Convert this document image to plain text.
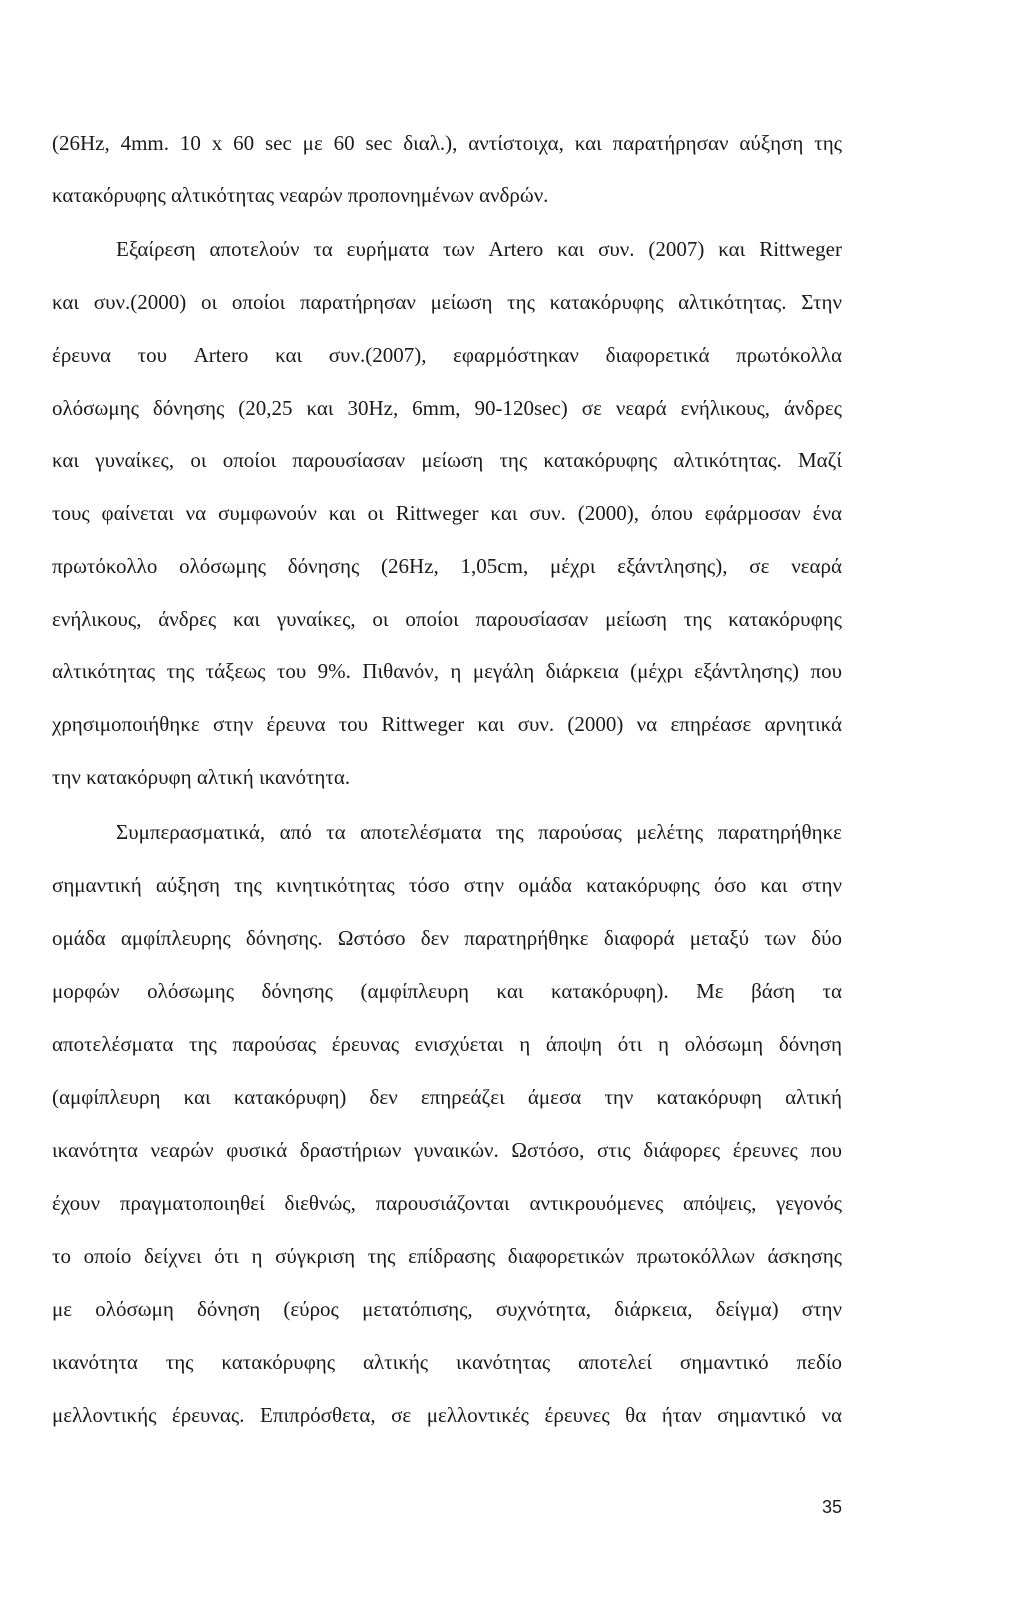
(26Hz, 4mm. 10 x 60 sec με 60 sec διαλ.), αντίστοιχα, και παρατήρησαν αύξηση της
κατακόρυφης αλτικότητας νεαρών προπονημένων ανδρών.
Εξαίρεση αποτελούν τα ευρήματα των Artero και συν. (2007) και Rittweger
και συν.(2000) οι οποίοι παρατήρησαν μείωση της κατακόρυφης αλτικότητας. Στην
έρευνα του Artero και συν.(2007), εφαρμόστηκαν διαφορετικά πρωτόκολλα
ολόσωμης δόνησης (20,25 και 30Hz, 6mm, 90-120sec) σε νεαρά ενήλικους, άνδρες
και γυναίκες, οι οποίοι παρουσίασαν μείωση της κατακόρυφης αλτικότητας. Μαζί
τους φαίνεται να συμφωνούν και οι Rittweger και συν. (2000), όπου εφάρμοσαν ένα
πρωτόκολλο ολόσωμης δόνησης (26Hz, 1,05cm, μέχρι εξάντλησης), σε νεαρά
ενήλικους, άνδρες και γυναίκες, οι οποίοι παρουσίασαν μείωση της κατακόρυφης
αλτικότητας της τάξεως του 9%. Πιθανόν, η μεγάλη διάρκεια (μέχρι εξάντλησης) που
χρησιμοποιήθηκε στην έρευνα του Rittweger και συν. (2000) να επηρέασε αρνητικά
την κατακόρυφη αλτική ικανότητα.
Συμπερασματικά, από τα αποτελέσματα της παρούσας μελέτης παρατηρήθηκε
σημαντική αύξηση της κινητικότητας τόσο στην ομάδα κατακόρυφης όσο και στην
ομάδα αμφίπλευρης δόνησης. Ωστόσο δεν παρατηρήθηκε διαφορά μεταξύ των δύο
μορφών ολόσωμης δόνησης (αμφίπλευρη και κατακόρυφη). Με βάση τα
αποτελέσματα της παρούσας έρευνας ενισχύεται η άποψη ότι η ολόσωμη δόνηση
(αμφίπλευρη και κατακόρυφη) δεν επηρεάζει άμεσα την κατακόρυφη αλτική
ικανότητα νεαρών φυσικά δραστήριων γυναικών. Ωστόσο, στις διάφορες έρευνες που
έχουν πραγματοποιηθεί διεθνώς, παρουσιάζονται αντικρουόμενες απόψεις, γεγονός
το οποίο δείχνει ότι η σύγκριση της επίδρασης διαφορετικών πρωτοκόλλων άσκησης
με ολόσωμη δόνηση (εύρος μετατόπισης, συχνότητα, διάρκεια, δείγμα) στην
ικανότητα της κατακόρυφης αλτικής ικανότητας αποτελεί σημαντικό πεδίο
μελλοντικής έρευνας. Επιπρόσθετα, σε μελλοντικές έρευνες θα ήταν σημαντικό να
35
